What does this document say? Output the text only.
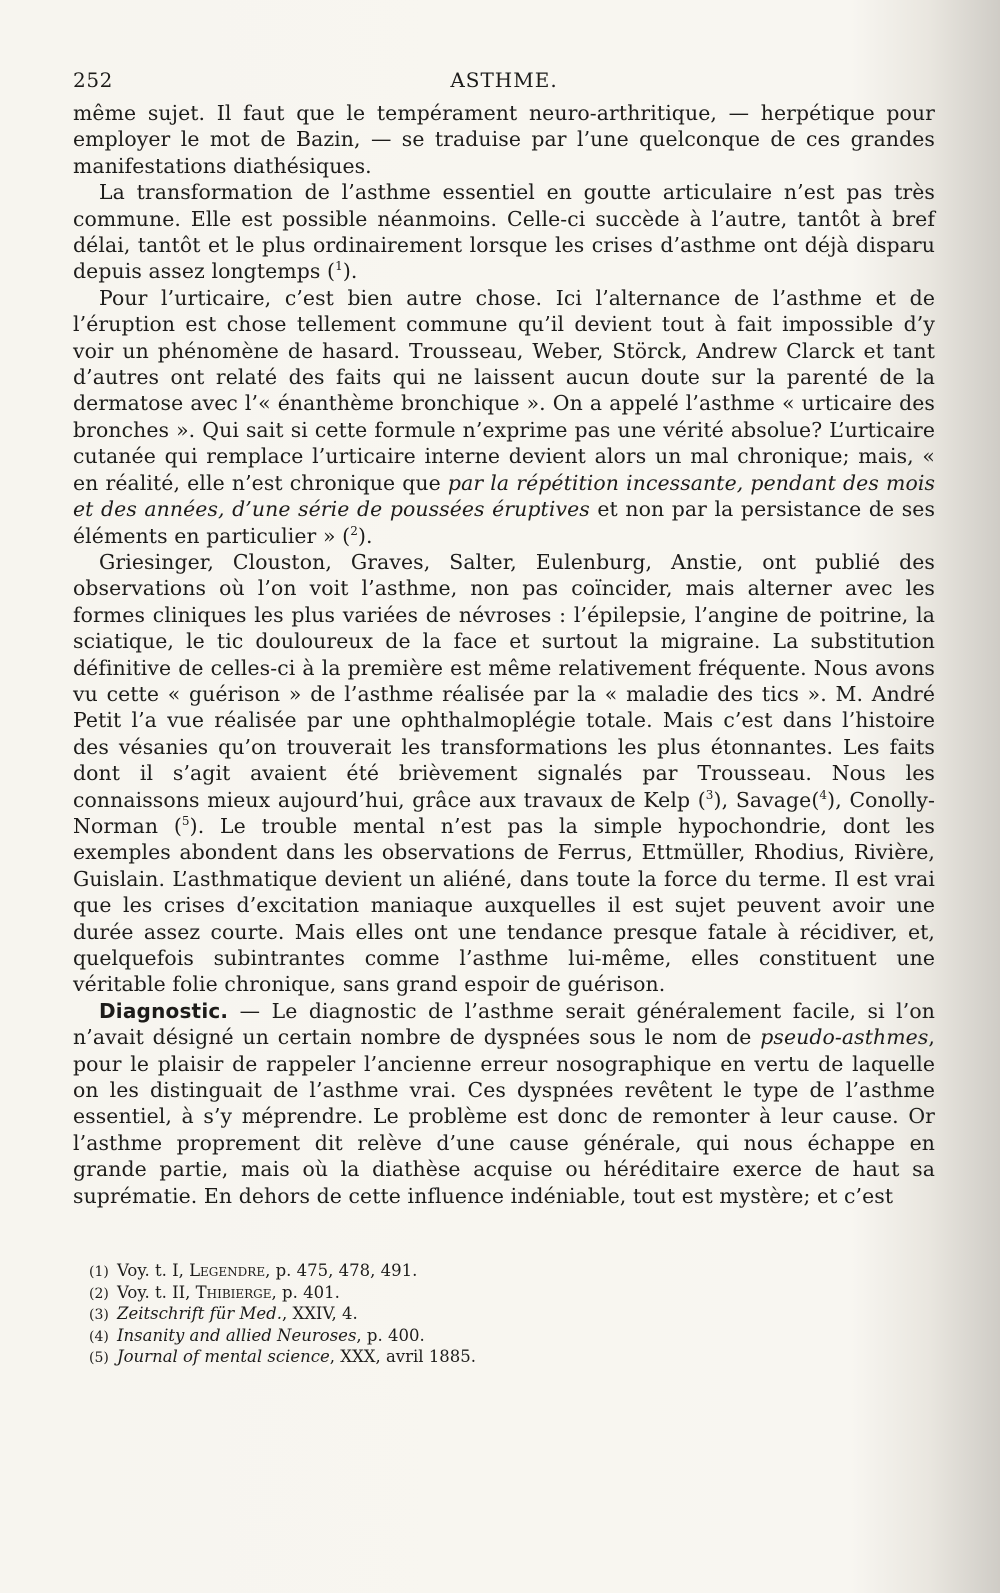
252	ASTHME.

même sujet. Il faut que le tempérament neuro-arthritique, — herpétique pour employer le mot de Bazin, — se traduise par l’une quelconque de ces grandes manifestations diathésiques.

La transformation de l’asthme essentiel en goutte articulaire n’est pas très commune. Elle est possible néanmoins. Celle-ci succède à l’autre, tantôt à bref délai, tantôt et le plus ordinairement lorsque les crises d’asthme ont déjà disparu depuis assez longtemps ($^1$).

Pour l’urticaire, c’est bien autre chose. Ici l’alternance de l’asthme et de l’éruption est chose tellement commune qu’il devient tout à fait impossible d’y voir un phénomène de hasard. Trousseau, Weber, Störck, Andrew Clarck et tant d’autres ont relaté des faits qui ne laissent aucun doute sur la parenté de la dermatose avec l’« énanthème bronchique ». On a appelé l’asthme « urticaire des bronches ». Qui sait si cette formule n’exprime pas une vérité absolue? L’urticaire cutanée qui remplace l’urticaire interne devient alors un mal chronique; mais, « en réalité, elle n’est chronique que par la répétition incessante, pendant des mois et des années, d’une série de poussées éruptives et non par la persistance de ses éléments en particulier » ($^2$).

Griesinger, Clouston, Graves, Salter, Eulenburg, Anstie, ont publié des observations où l’on voit l’asthme, non pas coïncider, mais alterner avec les formes cliniques les plus variées de névroses : l’épilepsie, l’angine de poitrine, la sciatique, le tic douloureux de la face et surtout la migraine. La substitution définitive de celles-ci à la première est même relativement fréquente. Nous avons vu cette « guérison » de l’asthme réalisée par la « maladie des tics ». M. André Petit l’a vue réalisée par une ophthalmoplégie totale. Mais c’est dans l’histoire des vésanies qu’on trouverait les transformations les plus étonnantes. Les faits dont il s’agit avaient été brièvement signalés par Trousseau. Nous les connaissons mieux aujourd’hui, grâce aux travaux de Kelp ($^3$), Savage($^4$), Conolly-Norman ($^5$). Le trouble mental n’est pas la simple hypochondrie, dont les exemples abondent dans les observations de Ferrus, Ettmüller, Rhodius, Rivière, Guislain. L’asthmatique devient un aliéné, dans toute la force du terme. Il est vrai que les crises d’excitation maniaque auxquelles il est sujet peuvent avoir une durée assez courte. Mais elles ont une tendance presque fatale à récidiver, et, quelquefois subintrantes comme l’asthme lui-même, elles constituent une véritable folie chronique, sans grand espoir de guérison.

Diagnostic. — Le diagnostic de l’asthme serait généralement facile, si l’on n’avait désigné un certain nombre de dyspnées sous le nom de pseudo-asthmes, pour le plaisir de rappeler l’ancienne erreur nosographique en vertu de laquelle on les distinguait de l’asthme vrai. Ces dyspnées revêtent le type de l’asthme essentiel, à s’y méprendre. Le problème est donc de remonter à leur cause. Or l’asthme proprement dit relève d’une cause générale, qui nous échappe en grande partie, mais où la diathèse acquise ou héréditaire exerce de haut sa suprématie. En dehors de cette influence indéniable, tout est mystère; et c’est

(1) Voy. t. I, Legendre, p. 475, 478, 491.
(2) Voy. t. II, Thibierge, p. 401.
(3) Zeitschrift für Med., XXIV, 4.
(4) Insanity and allied Neuroses, p. 400.
(5) Journal of mental science, XXX, avril 1885.
